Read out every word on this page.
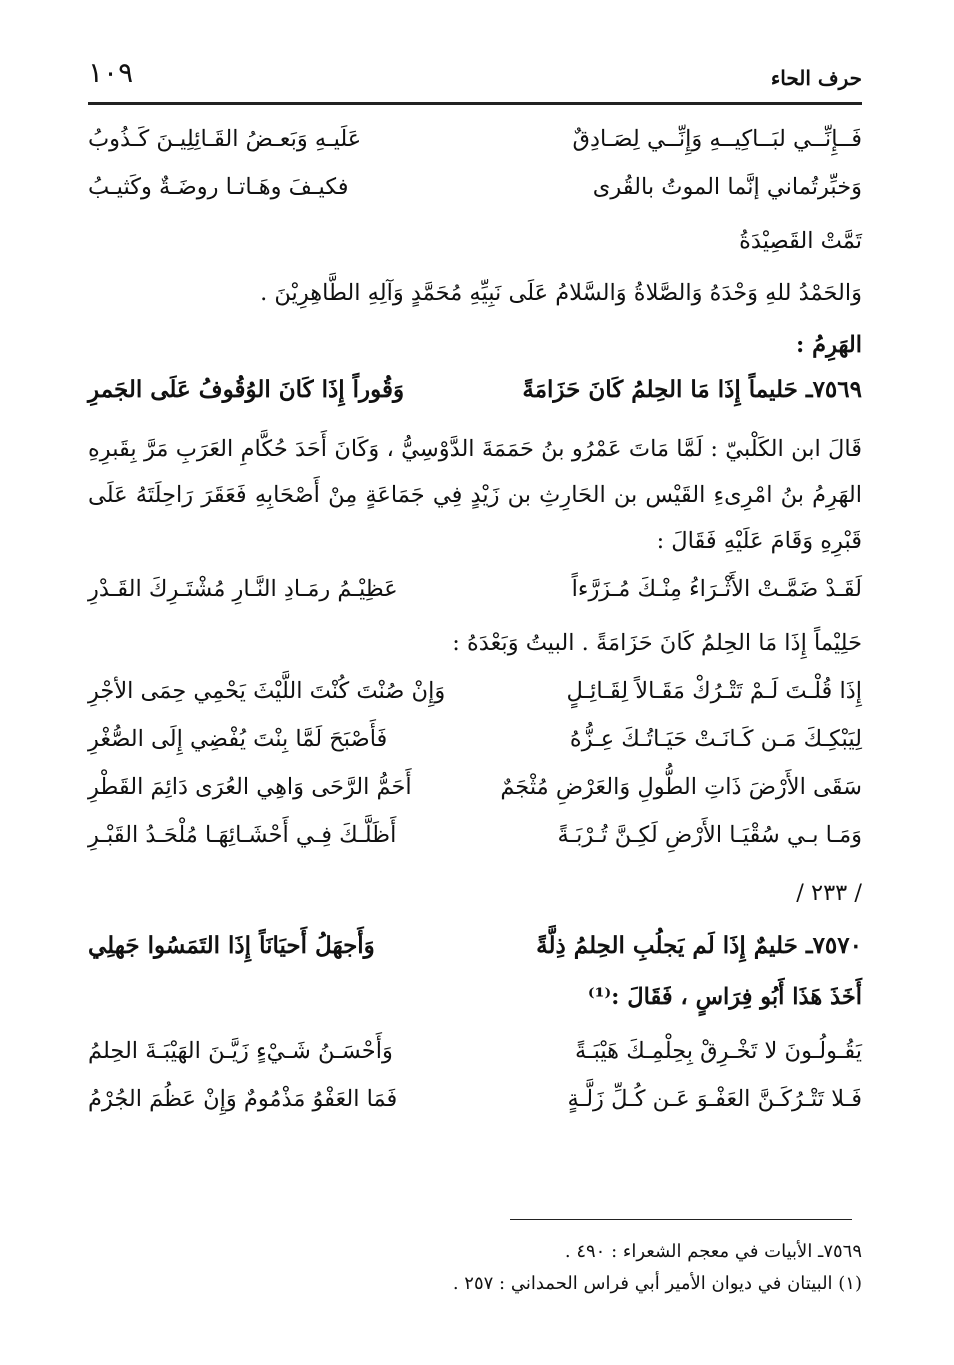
حرف الحاء
١٠٩
فَــإِنِّــي لبَــاكِيــهِ وَإِنِّــي لِصَـادِقٌ
عَلَيـهِ وَبَعـضُ القَـائِلِيـنَ كَـذُوبُ
وَخبِّرتُماني إنَّما الموتُ بالقُرى
فكيـفَ وهَـاتـا روضَـةٌ وكَثيـبُ
تَمَّتْ القَصِيْدَةُ
وَالحَمْدُ للهِ وَحْدَهُ وَالصَّلاةُ وَالسَّلامُ عَلَى نَبِيِّهِ مُحَمَّدٍ وَآلِهِ الطَّاهِرِيْنَ .
الهَرِمُ :
٧٥٦٩ـ حَليماً إِذَا مَا الحِلمُ كَانَ حَزَامَةً
وَقُوراً إِذَا كَانَ الوُقُوفُ عَلَى الجَمرِ
قَالَ ابن الكَلْبيّ : لَمَّا مَاتَ عَمْرُو بنُ حَمَمَةَ الدَّوْسِيُّ ، وَكَانَ أَحَدَ حُكَّامِ العَرَبِ مَرَّ بِقَبرِهِ الهَرِمُ بنُ امْرِىءِ القَيْس بن الحَارِثِ بن زَيْدٍ فِي جَمَاعَةٍ مِنْ أَصْحَابِهِ فَعَقَرَ رَاحِلَتَهُ عَلَى قَبْرِهِ وَقَامَ عَلَيْهِ فَقَالَ :
لَقَـدْ ضَمَّـتْ الأَثْـرَاءُ مِنْـكَ مُـزَرَّءاً
عَظِيْـمُ رمَـادِ النَّـارِ مُشْتَـرِكَ القَـدْرِ
حَلِيْماً إِذَا مَا الحِلمُ كَانَ حَزَامَةً . البيتُ وَبَعْدَهُ :
إِذَا قُلْـتَ لَـمْ تَتْـرُكْ مَقَـالاً لِقَـائِـلٍ
وَإِنْ صُنْتَ كُنْتَ اللَّيْثَ يَحْمِي حِمَى الأجْرِ
لِيَبْكِـكَ مَـن كَـانَـتْ حَيَـاتُـكَ عِـزُّهُ
فَأَصْبَحَ لَمَّا بِنْتَ يُفْضِي إِلَى الصُّغْرِ
سَقَى الأَرْضَ ذَاتِ الطُّولِ وَالعَرْضِ مُثْجَمٌ
أَحَمُّ الرَّحَى وَاهِي العُرَى دَائِمَ القَطْرِ
وَمَـا بـي سُقْيَـا الأَرْضِ لَكِـنَّ تُـرْبَـةً
أَظَلَّـكَ فِـي أَحْشَـائِهَـا مُلْحَـدُ القَبْـرِ
/ ٢٣٣ /
٧٥٧٠ـ حَليمٌ إِذَا لَم يَجلُبِ الحِلمُ ذِلَّةً
وَأَجهَلُ أَحيَانَاً إِذَا التَمَسُوا جَهلِي
أَخَذَ هَذَا أَبُو فِرَاسٍ ، فَقَالَ :⁽¹⁾
يَقُـولُـونَ لا تَخْـرِقْ بِحِلْمِـكَ هَيْبَـةً
وَأَحْسَـنُ شَـيْءٍ زَيَّـنَ الهَيْبَـةَ الحِلمُ
فَـلا تَتْـرُكَـنَّ العَفْـوَ عَـن كُـلِّ زَلَّـةٍ
فَمَا العَفْوُ مَذْمُومٌ وَإِنْ عَظُمَ الجُرْمُ
٧٥٦٩ـ الأبيات في معجم الشعراء : ٤٩٠ .
(١) البيتان في ديوان الأمير أبي فراس الحمداني : ٢٥٧ .
